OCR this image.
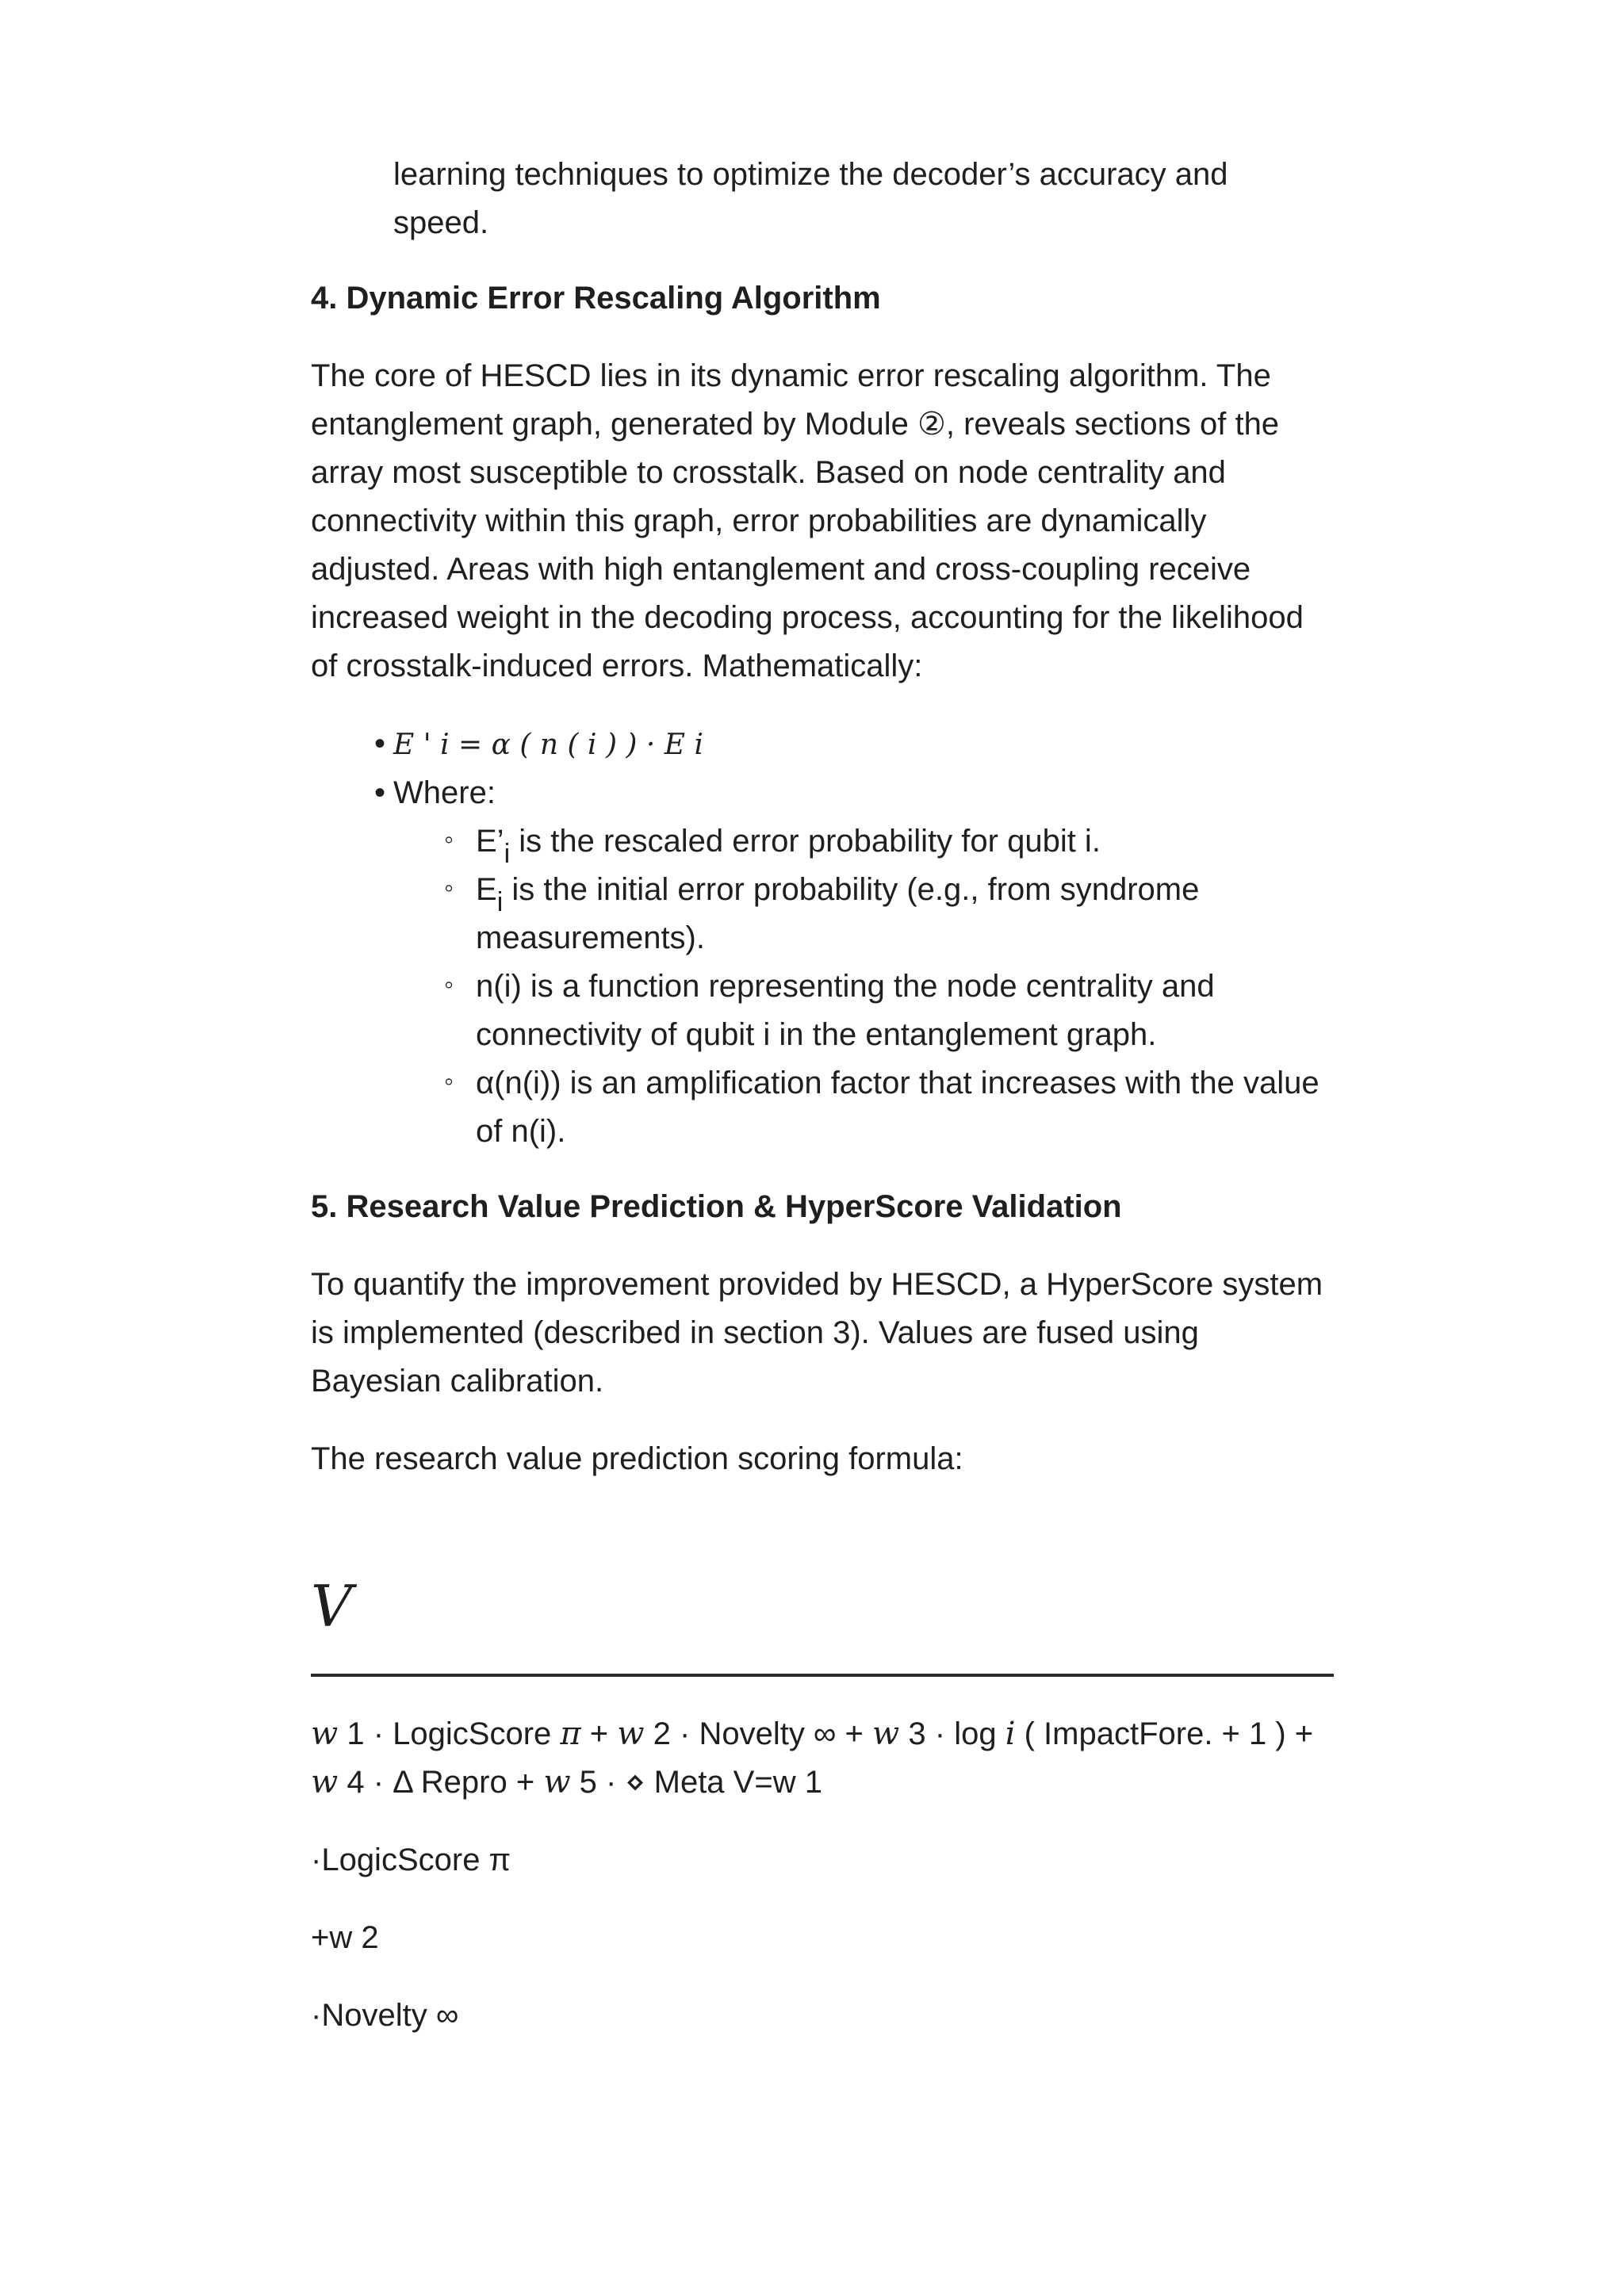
learning techniques to optimize the decoder’s accuracy and
speed.

4. Dynamic Error Rescaling Algorithm

The core of HESCD lies in its dynamic error rescaling algorithm. The entanglement graph, generated by Module ②, reveals sections of the array most susceptible to crosstalk. Based on node centrality and connectivity within this graph, error probabilities are dynamically adjusted. Areas with high entanglement and cross-coupling receive increased weight in the decoding process, accounting for the likelihood of crosstalk-induced errors. Mathematically:

• E ' i = α ( n ( i ) ) · E i
• Where:
◦ $E’_i$ is the rescaled error probability for qubit i.
◦ $E_i$ is the initial error probability (e.g., from syndrome measurements).
◦ n(i) is a function representing the node centrality and connectivity of qubit i in the entanglement graph.
◦ α(n(i)) is an amplification factor that increases with the value of n(i).
5. Research Value Prediction & HyperScore Validation

To quantify the improvement provided by HESCD, a HyperScore system is implemented (described in section 3). Values are fused using Bayesian calibration.

The research value prediction scoring formula:

V

w 1 · LogicScore π + w 2 · Novelty ∞ + w 3 · log i ( ImpactFore. + 1 ) + w 4 · Δ Repro + w 5 · ⋄ Meta V=w 1

·LogicScore π

+w 2

·Novelty ∞
